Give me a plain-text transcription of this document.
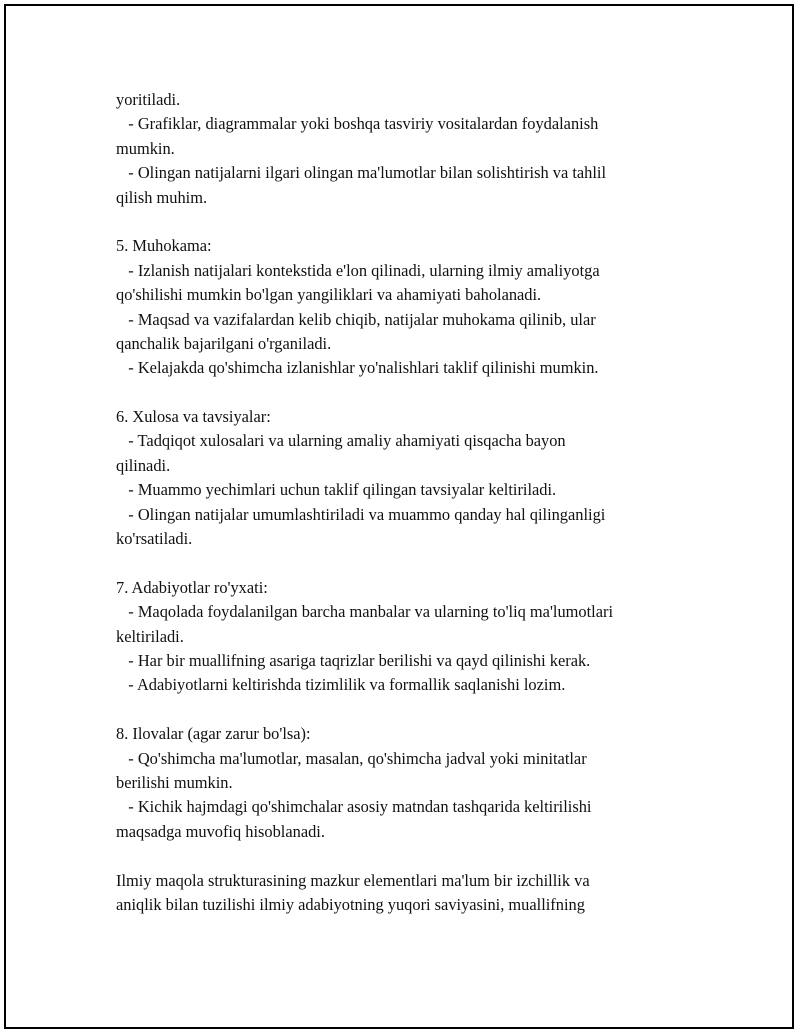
yoritiladi.
- Grafiklar, diagrammalar yoki boshqa tasviriy vositalardan foydalanish
mumkin.
- Olingan natijalarni ilgari olingan ma'lumotlar bilan solishtirish va tahlil
qilish muhim.
5. Muhokama:
- Izlanish natijalari kontekstida e'lon qilinadi, ularning ilmiy amaliyotga
qo'shilishi mumkin bo'lgan yangiliklari va ahamiyati baholanadi.
- Maqsad va vazifalardan kelib chiqib, natijalar muhokama qilinib, ular
qanchalik bajarilgani o'rganiladi.
- Kelajakda qo'shimcha izlanishlar yo'nalishlari taklif qilinishi mumkin.
6. Xulosa va tavsiyalar:
- Tadqiqot xulosalari va ularning amaliy ahamiyati qisqacha bayon
qilinadi.
- Muammo yechimlari uchun taklif qilingan tavsiyalar keltiriladi.
- Olingan natijalar umumlashtiriladi va muammo qanday hal qilinganligi
ko'rsatiladi.
7. Adabiyotlar ro'yxati:
- Maqolada foydalanilgan barcha manbalar va ularning to'liq ma'lumotlari
keltiriladi.
- Har bir muallifning asariga taqrizlar berilishi va qayd qilinishi kerak.
- Adabiyotlarni keltirishda tizimlilik va formallik saqlanishi lozim.
8. Ilovalar (agar zarur bo'lsa):
- Qo'shimcha ma'lumotlar, masalan, qo'shimcha jadval yoki minitatlar
berilishi mumkin.
- Kichik hajmdagi qo'shimchalar asosiy matndan tashqarida keltirilishi
maqsadga muvofiq hisoblanadi.
Ilmiy maqola strukturasining mazkur elementlari ma'lum bir izchillik va
aniqlik bilan tuzilishi ilmiy adabiyotning yuqori saviyasini, muallifning
